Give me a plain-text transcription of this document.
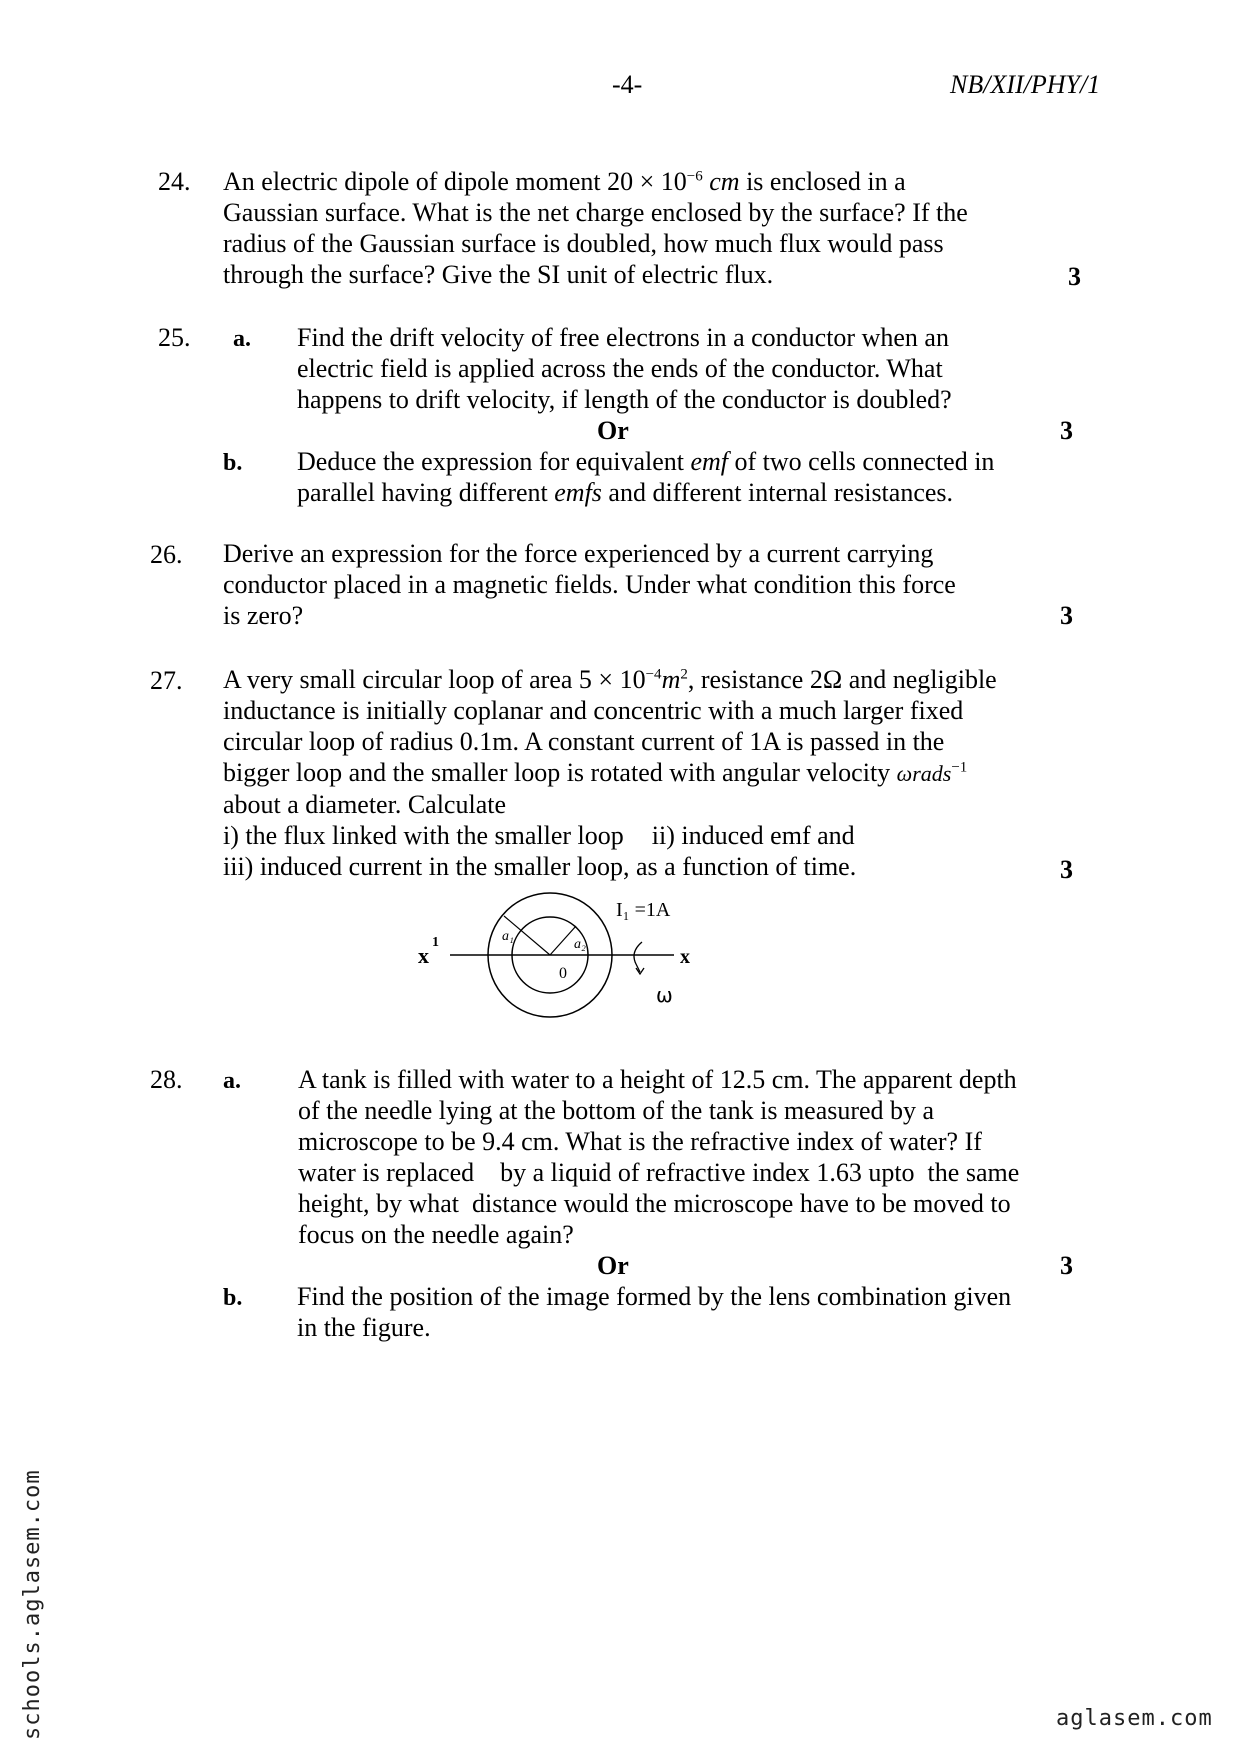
-4-	NB/XII/PHY/1
24. An electric dipole of dipole moment $20 \times 10^{-6}$ cm is enclosed in a
Gaussian surface. What is the net charge enclosed by the surface? If the
radius of the Gaussian surface is doubled, how much flux would pass
through the surface? Give the SI unit of electric flux.	3
25. a. Find the drift velocity of free electrons in a conductor when an
electric field is applied across the ends of the conductor. What
happens to drift velocity, if length of the conductor is doubled?
Or	3
b. Deduce the expression for equivalent emf of two cells connected in
parallel having different emfs and different internal resistances.
26. Derive an expression for the force experienced by a current carrying
conductor placed in a magnetic fields. Under what condition this force
is zero?	3
27. A very small circular loop of area $5 \times 10^{-4}m^2$, resistance 2Ω and negligible
inductance is initially coplanar and concentric with a much larger fixed
circular loop of radius 0.1m. A constant current of 1A is passed in the
bigger loop and the smaller loop is rotated with angular velocity ωrads$^{-1}$
about a diameter. Calculate
i) the flux linked with the smaller loop ii) induced emf and
iii) induced current in the smaller loop, as a function of time.	3
x
1
x
a₁
a₂
0
I₁ =1A
ω
28. a. A tank is filled with water to a height of 12.5 cm. The apparent depth
of the needle lying at the bottom of the tank is measured by a
microscope to be 9.4 cm. What is the refractive index of water? If
water is replaced    by a liquid of refractive index 1.63 upto  the same
height, by what  distance would the microscope have to be moved to
focus on the needle again?
Or	3
b. Find the position of the image formed by the lens combination given
in the figure.
schools.aglasem.com	aglasem.com
